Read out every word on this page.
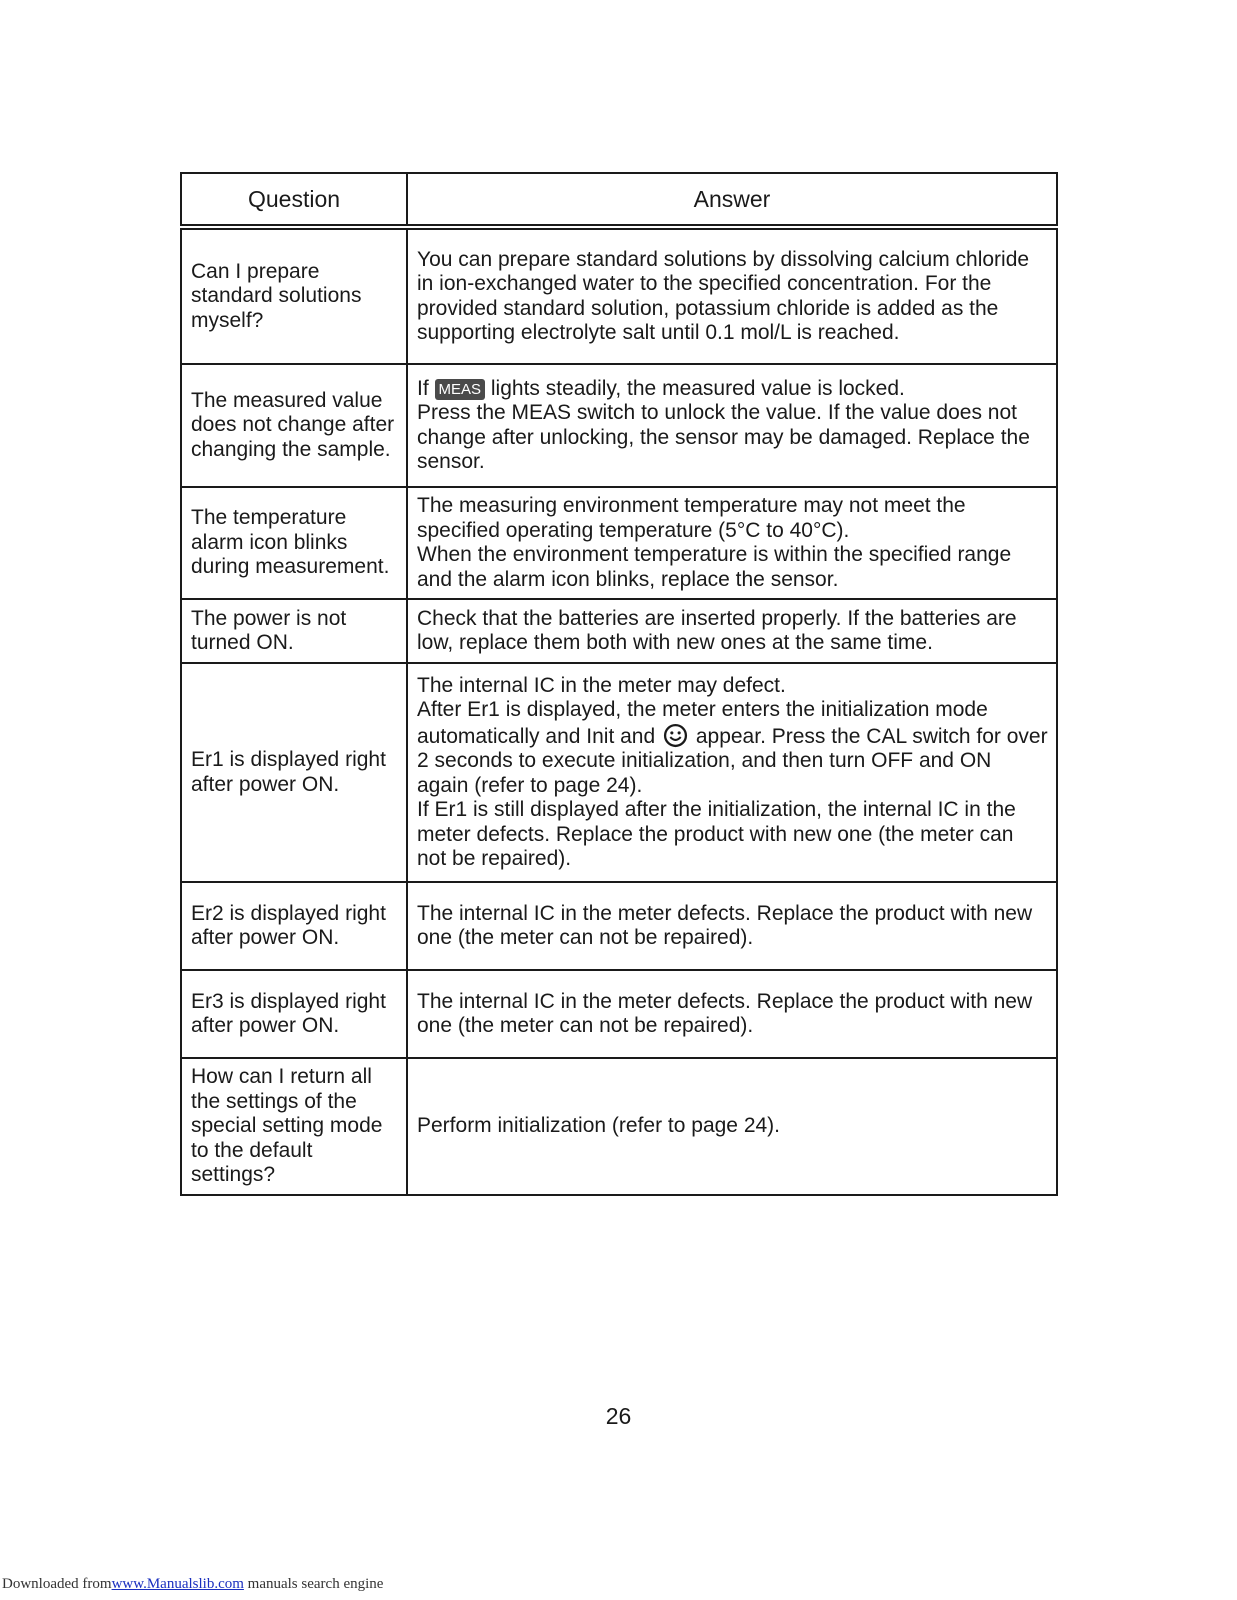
Question	Answer
Can I prepare standard solutions myself?	You can prepare standard solutions by dissolving calcium chloride in ion-exchanged water to the specified concentration. For the provided standard solution, potassium chloride is added as the supporting electrolyte salt until 0.1 mol/L is reached.
The measured value does not change after changing the sample.	If MEAS lights steadily, the measured value is locked.
Press the MEAS switch to unlock the value. If the value does not change after unlocking, the sensor may be damaged. Replace the sensor.

The temperature alarm icon blinks during measurement.	The measuring environment temperature may not meet the specified operating temperature (5°C to 40°C).
When the environment temperature is within the specified range and the alarm icon blinks, replace the sensor.

The power is not turned ON.	Check that the batteries are inserted properly. If the batteries are low, replace them both with new ones at the same time.
Er1 is displayed right after power ON.	The internal IC in the meter may defect.
After Er1 is displayed, the meter enters the initialization mode automatically and Init and appear. Press the CAL switch for over 2 seconds to execute initialization, and then turn OFF and ON again (refer to page 24).
If Er1 is still displayed after the initialization, the internal IC in the meter defects. Replace the product with new one (the meter can not be repaired).

Er2 is displayed right after power ON.	The internal IC in the meter defects. Replace the product with new one (the meter can not be repaired).
Er3 is displayed right after power ON.	The internal IC in the meter defects. Replace the product with new one (the meter can not be repaired).
How can I return all the settings of the special setting mode to the default settings?	Perform initialization (refer to page 24).
26
Downloaded fromwww.Manualslib.com manuals search engine
